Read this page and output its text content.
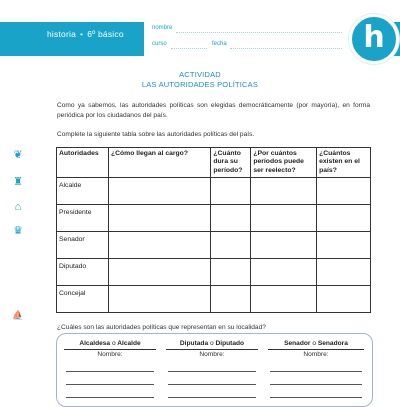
historia • 6º básico
nombre
curso	fecha	h
❦
♜
⌂
♛
⛵
ACTIVIDAD
LAS AUTORIDADES POLÍTICAS
Como ya sabemos, las autoridades políticas son elegidas democráticamente (por mayoría), en forma periódica por los ciudadanos del país.
Complete la siguiente tabla sobre las autoridades políticas del país.
Autoridades	¿Cómo llegan al cargo?	¿Cuánto dura su período?	¿Por cuántos períodos puede ser reelecto?	¿Cuántos existen en el país?
Alcalde				
Presidente				
Senador				
Diputado				
Concejal				
¿Cuáles son las autoridades políticas que representan en su localidad?
Alcaldesa o Alcalde	Diputada o Diputado	Senador o Senadora
Nombre:	Nombre:	Nombre:
